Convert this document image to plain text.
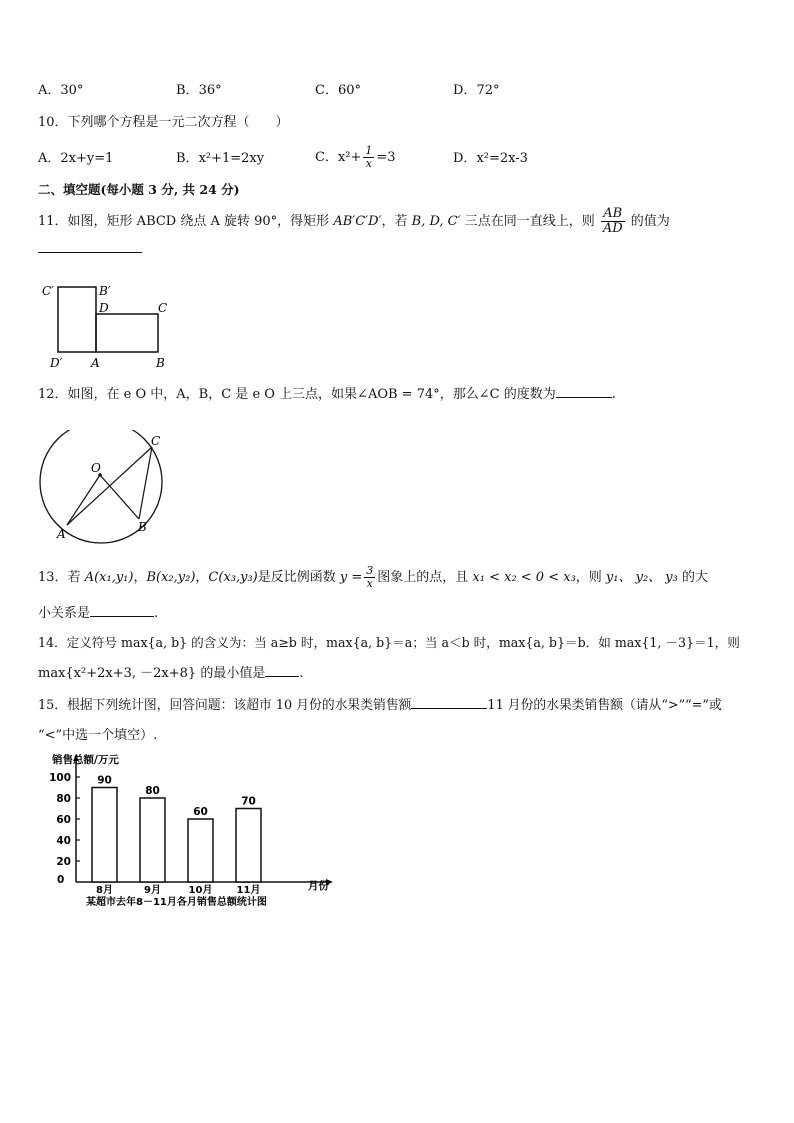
A．30°	B．36°	C．60°	D．72°
10．下列哪个方程是一元二次方程（　　）
A．2x+y=1	B．x²+1=2xy	C．$x^2+ \frac{1}{x} =3$	D．x²=2x-3
二、填空题(每小题 3 分, 共 24 分)
11．如图，矩形 ABCD 绕点 A 旋转 90°，得矩形 AB′C′D′，若 B, D, C′ 三点在同一直线上，则 $\frac{AB}{AD}$ 的值为
C′	B′
D	C
D′ A	B
12．如图，在 e O 中，A，B，C 是 e O 上三点，如果∠AOB = 74°，那么∠C 的度数为	.
O
A	B
C
13．若 A(x₁,y₁)，B(x₂,y₂)，C(x₃,y₃)是反比例函数 $y = \frac{3}{x}$ 图象上的点，且 x₁ < x₂ < 0 < x₃，则 y₁、 y₂、 y₃ 的大
小关系是	.
14．定义符号 max{a, b} 的含义为：当 a≥b 时，max{a, b}＝a；当 a＜b 时，max{a, b}＝b．如 max{1, －3}＝1，则
max{x²+2x+3, －2x+8} 的最小值是	.
15．根据下列统计图，回答问题：该超市 10 月份的水果类销售额	11 月份的水果类销售额（请从“>”“=”或
“<”中选一个填空）.
销售总额/万元
月份
某超市去年8－11月各月销售总额统计图
0
20
40
60
80
100 90
8月
80
9月
60
10月
70
11月
